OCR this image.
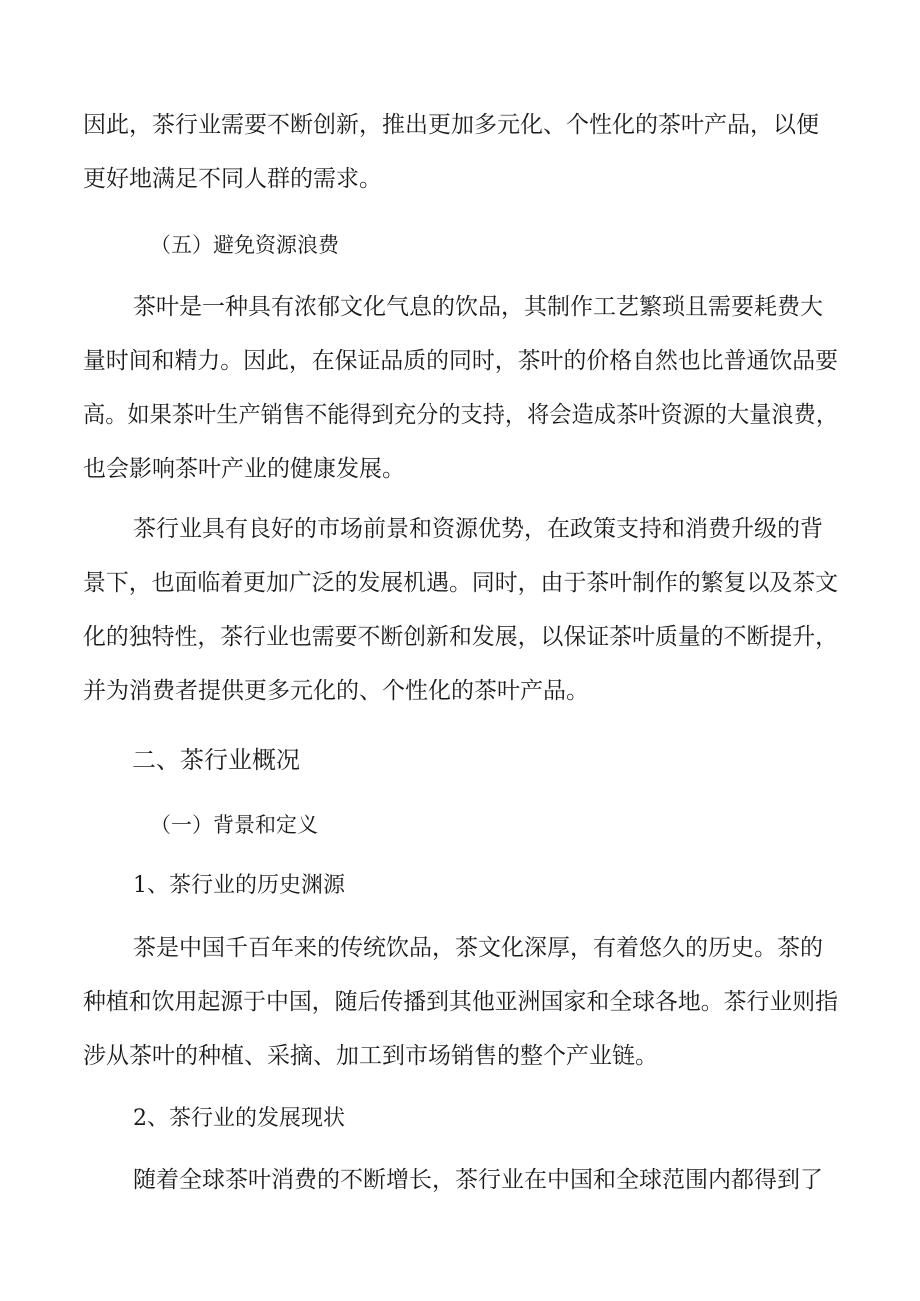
因此，茶行业需要不断创新，推出更加多元化、个性化的茶叶产品，以便
更好地满足不同人群的需求。
（五）避免资源浪费
茶叶是一种具有浓郁文化气息的饮品，其制作工艺繁琐且需要耗费大
量时间和精力。因此，在保证品质的同时，茶叶的价格自然也比普通饮品要
高。如果茶叶生产销售不能得到充分的支持，将会造成茶叶资源的大量浪费，
也会影响茶叶产业的健康发展。
茶行业具有良好的市场前景和资源优势，在政策支持和消费升级的背
景下，也面临着更加广泛的发展机遇。同时，由于茶叶制作的繁复以及茶文
化的独特性，茶行业也需要不断创新和发展，以保证茶叶质量的不断提升，
并为消费者提供更多元化的、个性化的茶叶产品。
二、茶行业概况
（一）背景和定义
1、茶行业的历史渊源
茶是中国千百年来的传统饮品，茶文化深厚，有着悠久的历史。茶的
种植和饮用起源于中国，随后传播到其他亚洲国家和全球各地。茶行业则指
涉从茶叶的种植、采摘、加工到市场销售的整个产业链。
2、茶行业的发展现状
随着全球茶叶消费的不断增长，茶行业在中国和全球范围内都得到了
